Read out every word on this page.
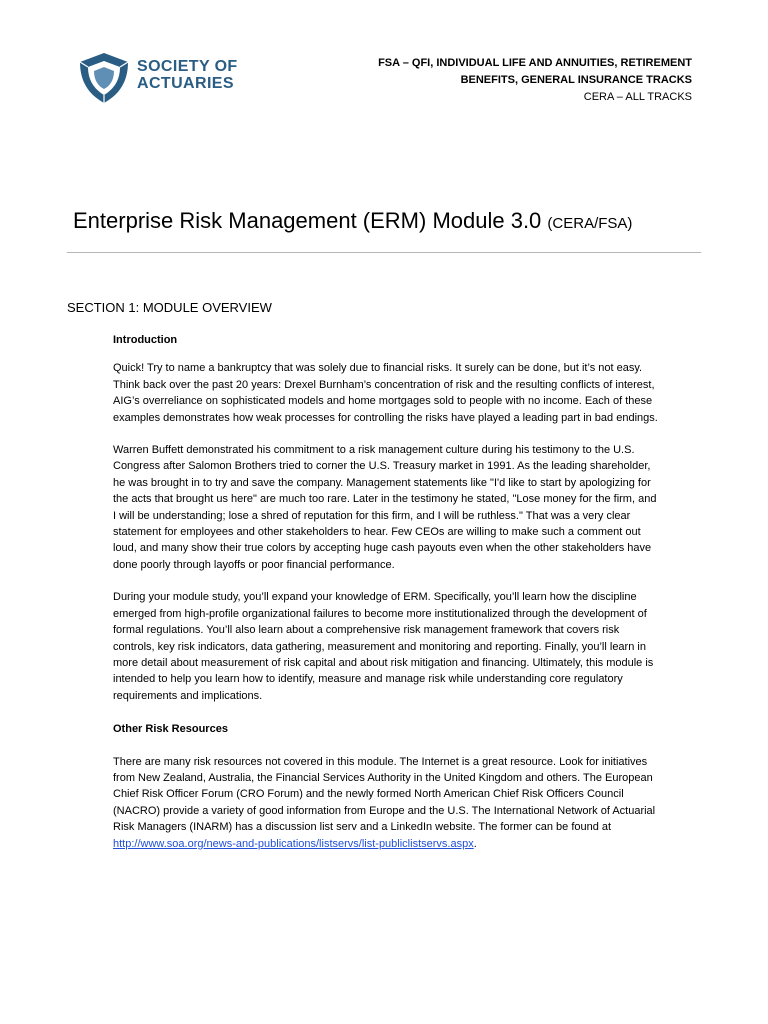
SOCIETY OF
ACTUARIES
FSA – QFI, INDIVIDUAL LIFE AND ANNUITIES, RETIREMENT
BENEFITS, GENERAL INSURANCE TRACKS
CERA – ALL TRACKS
Enterprise Risk Management (ERM) Module 3.0 (CERA/FSA)
SECTION 1: MODULE OVERVIEW

Introduction

Quick! Try to name a bankruptcy that was solely due to financial risks. It surely can be done, but it’s not easy. Think back over the past 20 years: Drexel Burnham’s concentration of risk and the resulting conflicts of interest, AIG’s overreliance on sophisticated models and home mortgages sold to people with no income. Each of these examples demonstrates how weak processes for controlling the risks have played a leading part in bad endings.

Warren Buffett demonstrated his commitment to a risk management culture during his testimony to the U.S. Congress after Salomon Brothers tried to corner the U.S. Treasury market in 1991. As the leading shareholder, he was brought in to try and save the company. Management statements like "I'd like to start by apologizing for the acts that brought us here" are much too rare. Later in the testimony he stated, "Lose money for the firm, and I will be understanding; lose a shred of reputation for this firm, and I will be ruthless." That was a very clear statement for employees and other stakeholders to hear. Few CEOs are willing to make such a comment out loud, and many show their true colors by accepting huge cash payouts even when the other stakeholders have done poorly through layoffs or poor financial performance.

During your module study, you’ll expand your knowledge of ERM. Specifically, you’ll learn how the discipline emerged from high-profile organizational failures to become more institutionalized through the development of formal regulations. You’ll also learn about a comprehensive risk management framework that covers risk controls, key risk indicators, data gathering, measurement and monitoring and reporting. Finally, you’ll learn in more detail about measurement of risk capital and about risk mitigation and financing. Ultimately, this module is intended to help you learn how to identify, measure and manage risk while understanding core regulatory requirements and implications.

Other Risk Resources

There are many risk resources not covered in this module. The Internet is a great resource. Look for initiatives from New Zealand, Australia, the Financial Services Authority in the United Kingdom and others. The European Chief Risk Officer Forum (CRO Forum) and the newly formed North American Chief Risk Officers Council (NACRO) provide a variety of good information from Europe and the U.S. The International Network of Actuarial Risk Managers (INARM) has a discussion list serv and a LinkedIn website. The former can be found at http://www.soa.org/news-and-publications/listservs/list-publiclistservs.aspx.
